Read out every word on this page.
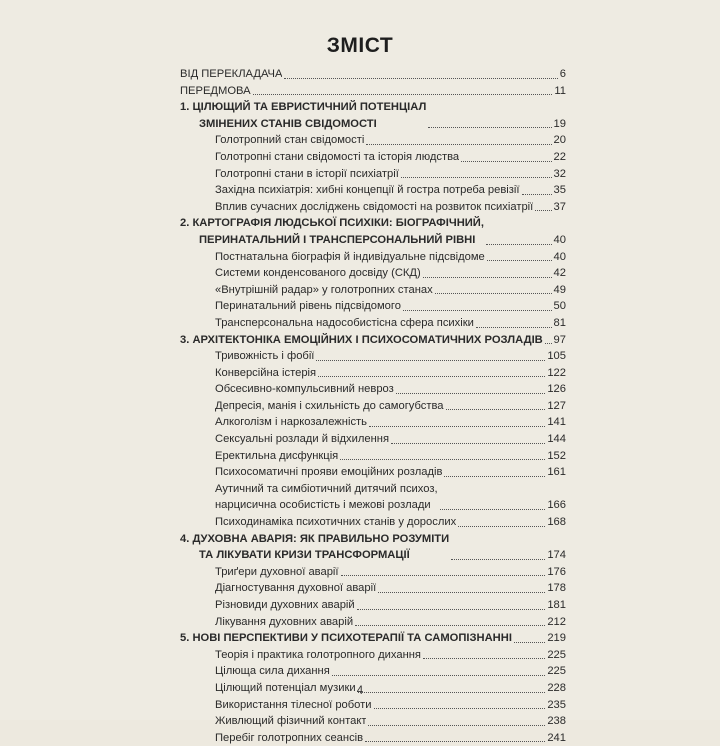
ЗМІСТ
ВІД ПЕРЕКЛАДАЧА	6
ПЕРЕДМОВА	11
1. ЦІЛЮЩИЙ ТА ЕВРИСТИЧНИЙ ПОТЕНЦІАЛ
ЗМІНЕНИХ СТАНІВ СВІДОМОСТІ	19
Голотропний стан свідомості	20
Голотропні стани свідомості та історія людства	22
Голотропні стани в історії психіатрії	32
Західна психіатрія: хибні концепції й гостра потреба ревізії	35
Вплив сучасних досліджень свідомості на розвиток психіатрії 37
2. КАРТОГРАФІЯ ЛЮДСЬКОЇ ПСИХІКИ: БІОГРАФІЧНИЙ,
ПЕРИНАТАЛЬНИЙ І ТРАНСПЕРСОНАЛЬНИЙ РІВНІ	40
Постнатальна біографія й індивідуальне підсвідоме	40
Системи конденсованого досвіду (СКД)	42
«Внутрішній радар» у голотропних станах	49
Перинатальний рівень підсвідомого	50
Трансперсональна надособистісна сфера психіки	81
3. АРХІТЕКТОНІКА ЕМОЦІЙНИХ І ПСИХОСОМАТИЧНИХ РОЗЛАДІВ 97
Тривожність і фобії	105
Конверсійна істерія	122
Обсесивно-компульсивний невроз	126
Депресія, манія і схильність до самогубства	127
Алкоголізм і наркозалежність	141
Сексуальні розлади й відхилення	144
Еректильна дисфункція	152
Психосоматичні прояви емоційних розладів	161
Аутичний та симбіотичний дитячий психоз,
нарцисична особистість і межові розлади	166
Психодинаміка психотичних станів у дорослих	168
4. ДУХОВНА АВАРІЯ: ЯК ПРАВИЛЬНО РОЗУМІТИ
ТА ЛІКУВАТИ КРИЗИ ТРАНСФОРМАЦІЇ	174
Триґери духовної аварії	176
Діагностування духовної аварії	178
Різновиди духовних аварій	181
Лікування духовних аварій	212
5. НОВІ ПЕРСПЕКТИВИ У ПСИХОТЕРАПІЇ ТА САМОПІЗНАННІ	219
Теорія і практика голотропного дихання	225
Цілюща сила дихання	225
Цілющий потенціал музики	228
Використання тілесної роботи	235
Живлющий фізичний контакт	238
Перебіг голотропних сеансів	241
4
